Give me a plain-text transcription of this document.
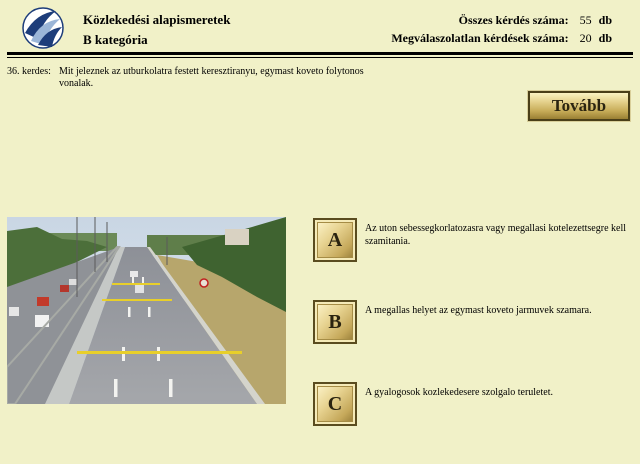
Közlekedési alapismeretek
B kategória
Összes kérdés száma: 55 db
Megválaszolatlan kérdések száma: 20 db
36. kerdes: Mit jeleznek az utburkolatra festett keresztiranyu, egymast koveto folytonos vonalak.
Tovább
A	Az uton sebessegkorlatozasra vagy megallasi kotelezettsegre kell szamitania.
B	A megallas helyet az egymast koveto jarmuvek szamara.
C	A gyalogosok kozlekedesere szolgalo teruletet.
